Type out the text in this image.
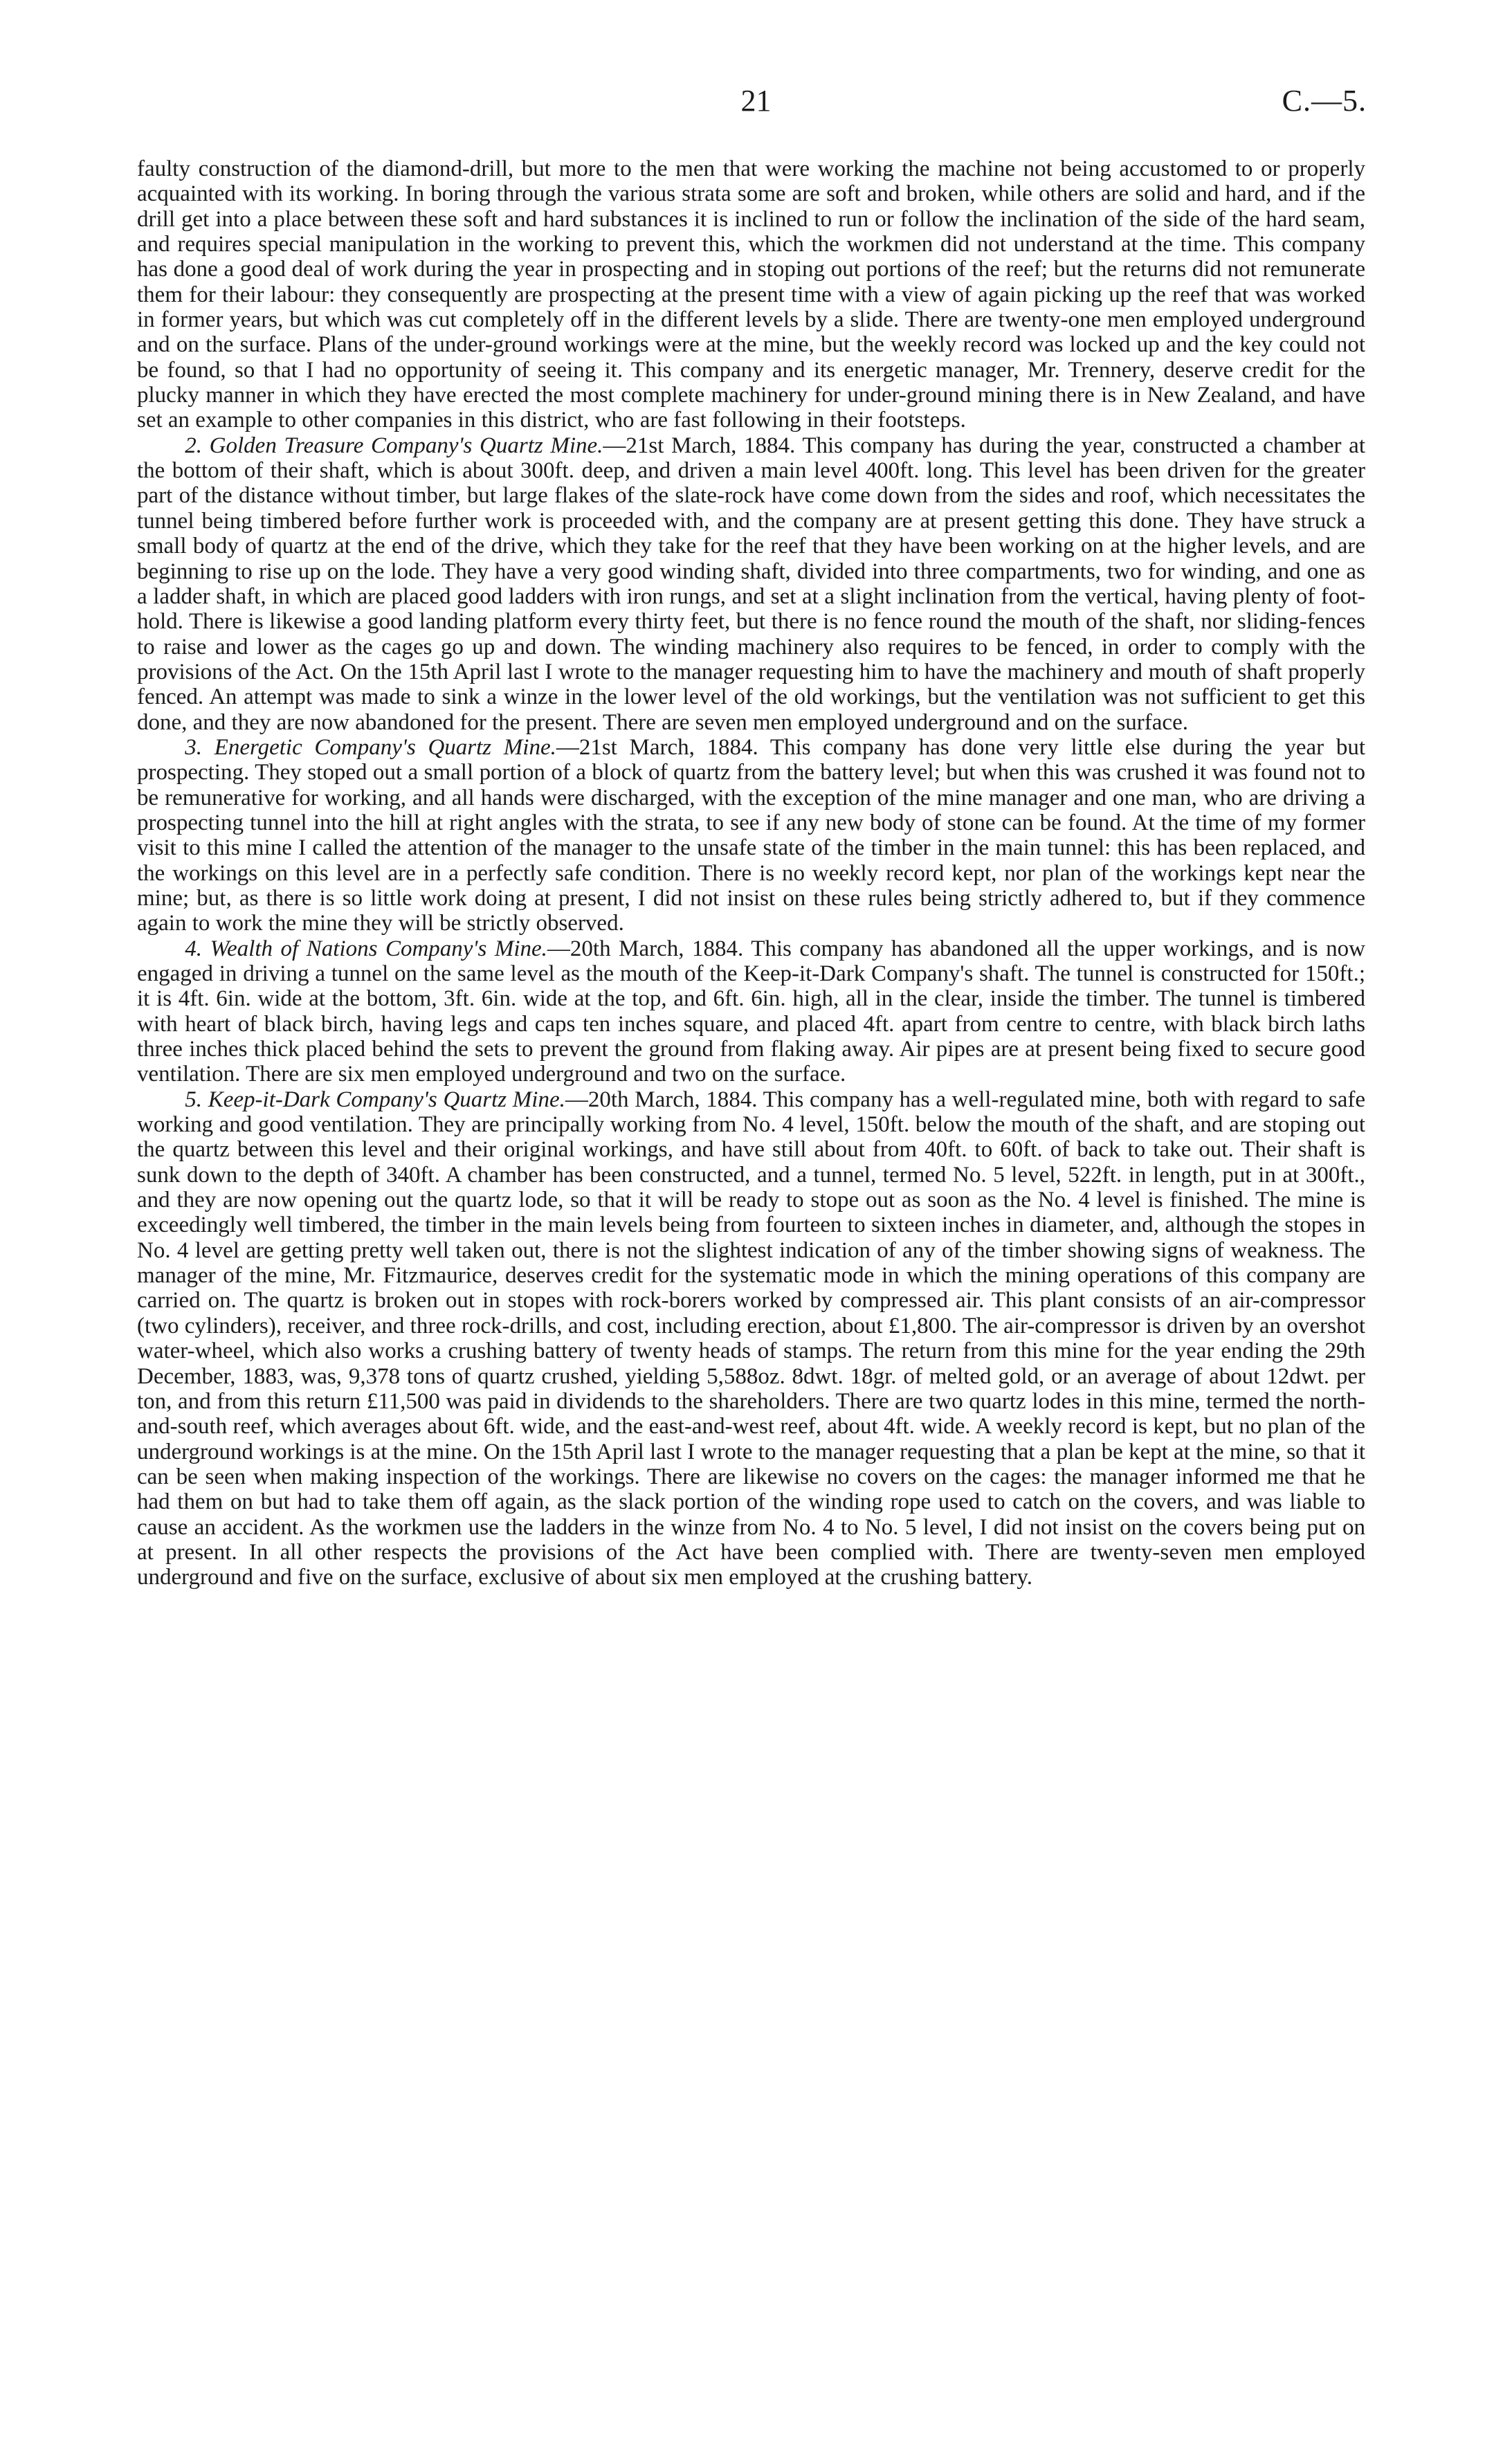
21	C.—5.

faulty construction of the diamond-drill, but more to the men that were working the machine not being accustomed to or properly acquainted with its working. In boring through the various strata some are soft and broken, while others are solid and hard, and if the drill get into a place between these soft and hard substances it is inclined to run or follow the inclination of the side of the hard seam, and requires special manipulation in the working to prevent this, which the workmen did not understand at the time. This company has done a good deal of work during the year in prospecting and in stoping out portions of the reef; but the returns did not remunerate them for their labour: they consequently are prospecting at the present time with a view of again picking up the reef that was worked in former years, but which was cut completely off in the different levels by a slide. There are twenty-one men employed underground and on the surface. Plans of the under-ground workings were at the mine, but the weekly record was locked up and the key could not be found, so that I had no opportunity of seeing it. This company and its energetic manager, Mr. Trennery, deserve credit for the plucky manner in which they have erected the most complete machinery for under-ground mining there is in New Zealand, and have set an example to other companies in this district, who are fast following in their footsteps.

2. Golden Treasure Company's Quartz Mine.—21st March, 1884. This company has during the year, constructed a chamber at the bottom of their shaft, which is about 300ft. deep, and driven a main level 400ft. long. This level has been driven for the greater part of the distance without timber, but large flakes of the slate-rock have come down from the sides and roof, which necessitates the tunnel being timbered before further work is proceeded with, and the company are at present getting this done. They have struck a small body of quartz at the end of the drive, which they take for the reef that they have been working on at the higher levels, and are beginning to rise up on the lode. They have a very good winding shaft, divided into three compartments, two for winding, and one as a ladder shaft, in which are placed good ladders with iron rungs, and set at a slight inclination from the vertical, having plenty of foot-hold. There is likewise a good landing platform every thirty feet, but there is no fence round the mouth of the shaft, nor sliding-fences to raise and lower as the cages go up and down. The winding machinery also requires to be fenced, in order to comply with the provisions of the Act. On the 15th April last I wrote to the manager requesting him to have the machinery and mouth of shaft properly fenced. An attempt was made to sink a winze in the lower level of the old workings, but the ventilation was not sufficient to get this done, and they are now abandoned for the present. There are seven men employed underground and on the surface.

3. Energetic Company's Quartz Mine.—21st March, 1884. This company has done very little else during the year but prospecting. They stoped out a small portion of a block of quartz from the battery level; but when this was crushed it was found not to be remunerative for working, and all hands were discharged, with the exception of the mine manager and one man, who are driving a prospecting tunnel into the hill at right angles with the strata, to see if any new body of stone can be found. At the time of my former visit to this mine I called the attention of the manager to the unsafe state of the timber in the main tunnel: this has been replaced, and the workings on this level are in a perfectly safe condition. There is no weekly record kept, nor plan of the workings kept near the mine; but, as there is so little work doing at present, I did not insist on these rules being strictly adhered to, but if they commence again to work the mine they will be strictly observed.

4. Wealth of Nations Company's Mine.—20th March, 1884. This company has abandoned all the upper workings, and is now engaged in driving a tunnel on the same level as the mouth of the Keep-it-Dark Company's shaft. The tunnel is constructed for 150ft.; it is 4ft. 6in. wide at the bottom, 3ft. 6in. wide at the top, and 6ft. 6in. high, all in the clear, inside the timber. The tunnel is timbered with heart of black birch, having legs and caps ten inches square, and placed 4ft. apart from centre to centre, with black birch laths three inches thick placed behind the sets to prevent the ground from flaking away. Air pipes are at present being fixed to secure good ventilation. There are six men employed underground and two on the surface.

5. Keep-it-Dark Company's Quartz Mine.—20th March, 1884. This company has a well-regulated mine, both with regard to safe working and good ventilation. They are principally working from No. 4 level, 150ft. below the mouth of the shaft, and are stoping out the quartz between this level and their original workings, and have still about from 40ft. to 60ft. of back to take out. Their shaft is sunk down to the depth of 340ft. A chamber has been constructed, and a tunnel, termed No. 5 level, 522ft. in length, put in at 300ft., and they are now opening out the quartz lode, so that it will be ready to stope out as soon as the No. 4 level is finished. The mine is exceedingly well timbered, the timber in the main levels being from fourteen to sixteen inches in diameter, and, although the stopes in No. 4 level are getting pretty well taken out, there is not the slightest indication of any of the timber showing signs of weakness. The manager of the mine, Mr. Fitzmaurice, deserves credit for the systematic mode in which the mining operations of this company are carried on. The quartz is broken out in stopes with rock-borers worked by compressed air. This plant consists of an air-compressor (two cylinders), receiver, and three rock-drills, and cost, including erection, about £1,800. The air-compressor is driven by an overshot water-wheel, which also works a crushing battery of twenty heads of stamps. The return from this mine for the year ending the 29th December, 1883, was, 9,378 tons of quartz crushed, yielding 5,588oz. 8dwt. 18gr. of melted gold, or an average of about 12dwt. per ton, and from this return £11,500 was paid in dividends to the shareholders. There are two quartz lodes in this mine, termed the north-and-south reef, which averages about 6ft. wide, and the east-and-west reef, about 4ft. wide. A weekly record is kept, but no plan of the underground workings is at the mine. On the 15th April last I wrote to the manager requesting that a plan be kept at the mine, so that it can be seen when making inspection of the workings. There are likewise no covers on the cages: the manager informed me that he had them on but had to take them off again, as the slack portion of the winding rope used to catch on the covers, and was liable to cause an accident. As the workmen use the ladders in the winze from No. 4 to No. 5 level, I did not insist on the covers being put on at present. In all other respects the provisions of the Act have been complied with. There are twenty-seven men employed underground and five on the surface, exclusive of about six men employed at the crushing battery.
